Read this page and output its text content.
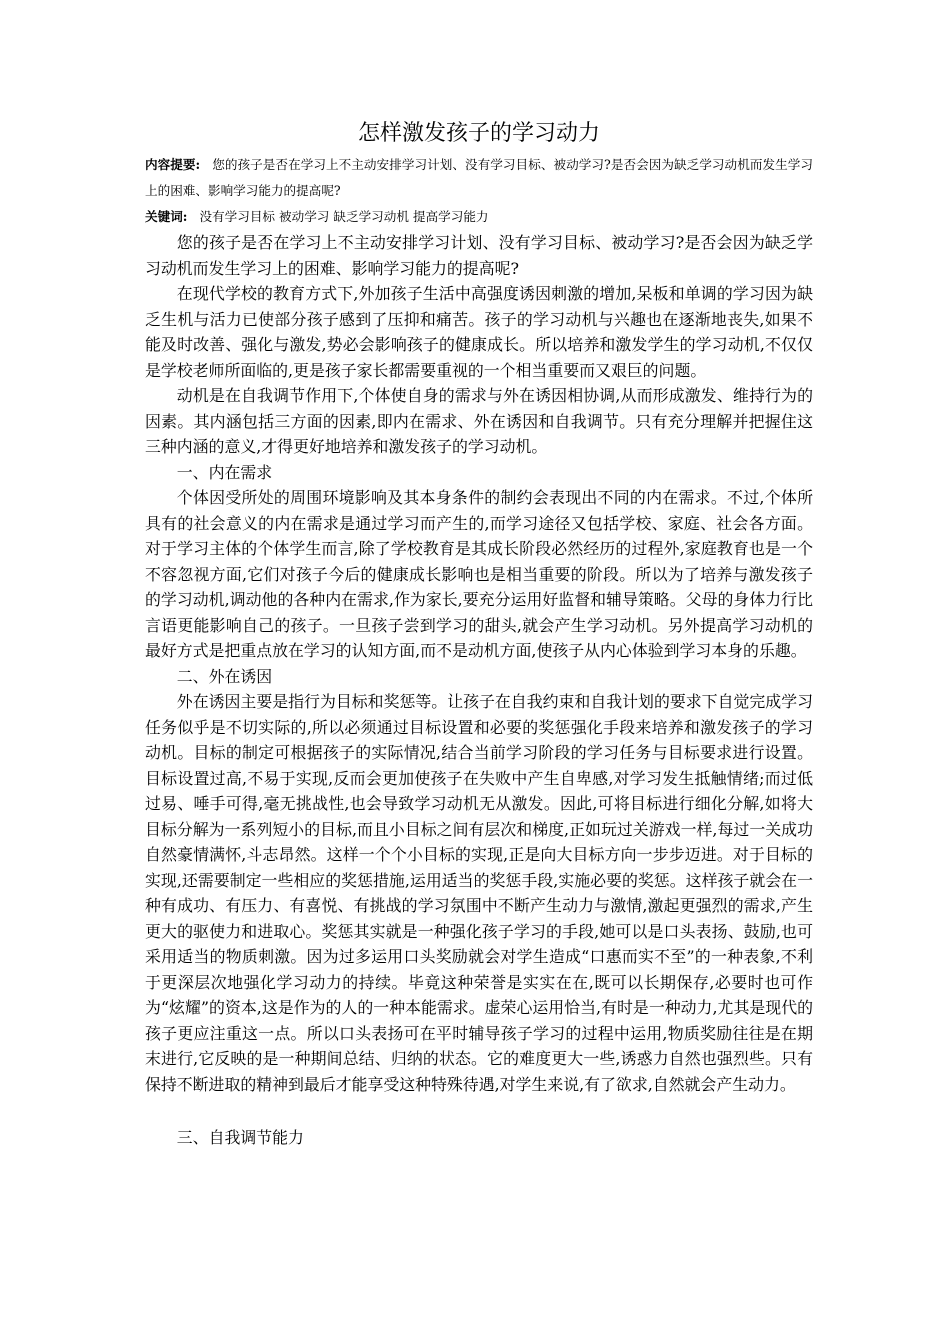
怎样激发孩子的学习动力

内容提要: 您的孩子是否在学习上不主动安排学习计划、没有学习目标、被动学习?是否会因为缺乏学习动机而发生学习上的困难、影响学习能力的提高呢?

关键词: 没有学习目标 被动学习 缺乏学习动机 提高学习能力

您的孩子是否在学习上不主动安排学习计划、没有学习目标、被动学习?是否会因为缺乏学习动机而发生学习上的困难、影响学习能力的提高呢?

在现代学校的教育方式下,外加孩子生活中高强度诱因刺激的增加,呆板和单调的学习因为缺乏生机与活力已使部分孩子感到了压抑和痛苦。孩子的学习动机与兴趣也在逐渐地丧失,如果不能及时改善、强化与激发,势必会影响孩子的健康成长。所以培养和激发学生的学习动机,不仅仅是学校老师所面临的,更是孩子家长都需要重视的一个相当重要而又艰巨的问题。

动机是在自我调节作用下,个体使自身的需求与外在诱因相协调,从而形成激发、维持行为的因素。其内涵包括三方面的因素,即内在需求、外在诱因和自我调节。只有充分理解并把握住这三种内涵的意义,才得更好地培养和激发孩子的学习动机。

一、内在需求

个体因受所处的周围环境影响及其本身条件的制约会表现出不同的内在需求。不过,个体所具有的社会意义的内在需求是通过学习而产生的,而学习途径又包括学校、家庭、社会各方面。对于学习主体的个体学生而言,除了学校教育是其成长阶段必然经历的过程外,家庭教育也是一个不容忽视方面,它们对孩子今后的健康成长影响也是相当重要的阶段。所以为了培养与激发孩子的学习动机,调动他的各种内在需求,作为家长,要充分运用好监督和辅导策略。父母的身体力行比言语更能影响自己的孩子。一旦孩子尝到学习的甜头,就会产生学习动机。另外提高学习动机的最好方式是把重点放在学习的认知方面,而不是动机方面,使孩子从内心体验到学习本身的乐趣。

二、外在诱因

外在诱因主要是指行为目标和奖惩等。让孩子在自我约束和自我计划的要求下自觉完成学习任务似乎是不切实际的,所以必须通过目标设置和必要的奖惩强化手段来培养和激发孩子的学习动机。目标的制定可根据孩子的实际情况,结合当前学习阶段的学习任务与目标要求进行设置。目标设置过高,不易于实现,反而会更加使孩子在失败中产生自卑感,对学习发生抵触情绪;而过低过易、唾手可得,毫无挑战性,也会导致学习动机无从激发。因此,可将目标进行细化分解,如将大目标分解为一系列短小的目标,而且小目标之间有层次和梯度,正如玩过关游戏一样,每过一关成功自然豪情满怀,斗志昂然。这样一个个小目标的实现,正是向大目标方向一步步迈进。对于目标的实现,还需要制定一些相应的奖惩措施,运用适当的奖惩手段,实施必要的奖惩。这样孩子就会在一种有成功、有压力、有喜悦、有挑战的学习氛围中不断产生动力与激情,激起更强烈的需求,产生更大的驱使力和进取心。奖惩其实就是一种强化孩子学习的手段,她可以是口头表扬、鼓励,也可采用适当的物质刺激。因为过多运用口头奖励就会对学生造成“口惠而实不至”的一种表象,不利于更深层次地强化学习动力的持续。毕竟这种荣誉是实实在在,既可以长期保存,必要时也可作为“炫耀”的资本,这是作为的人的一种本能需求。虚荣心运用恰当,有时是一种动力,尤其是现代的孩子更应注重这一点。所以口头表扬可在平时辅导孩子学习的过程中运用,物质奖励往往是在期末进行,它反映的是一种期间总结、归纳的状态。它的难度更大一些,诱惑力自然也强烈些。只有保持不断进取的精神到最后才能享受这种特殊待遇,对学生来说,有了欲求,自然就会产生动力。

三、自我调节能力
